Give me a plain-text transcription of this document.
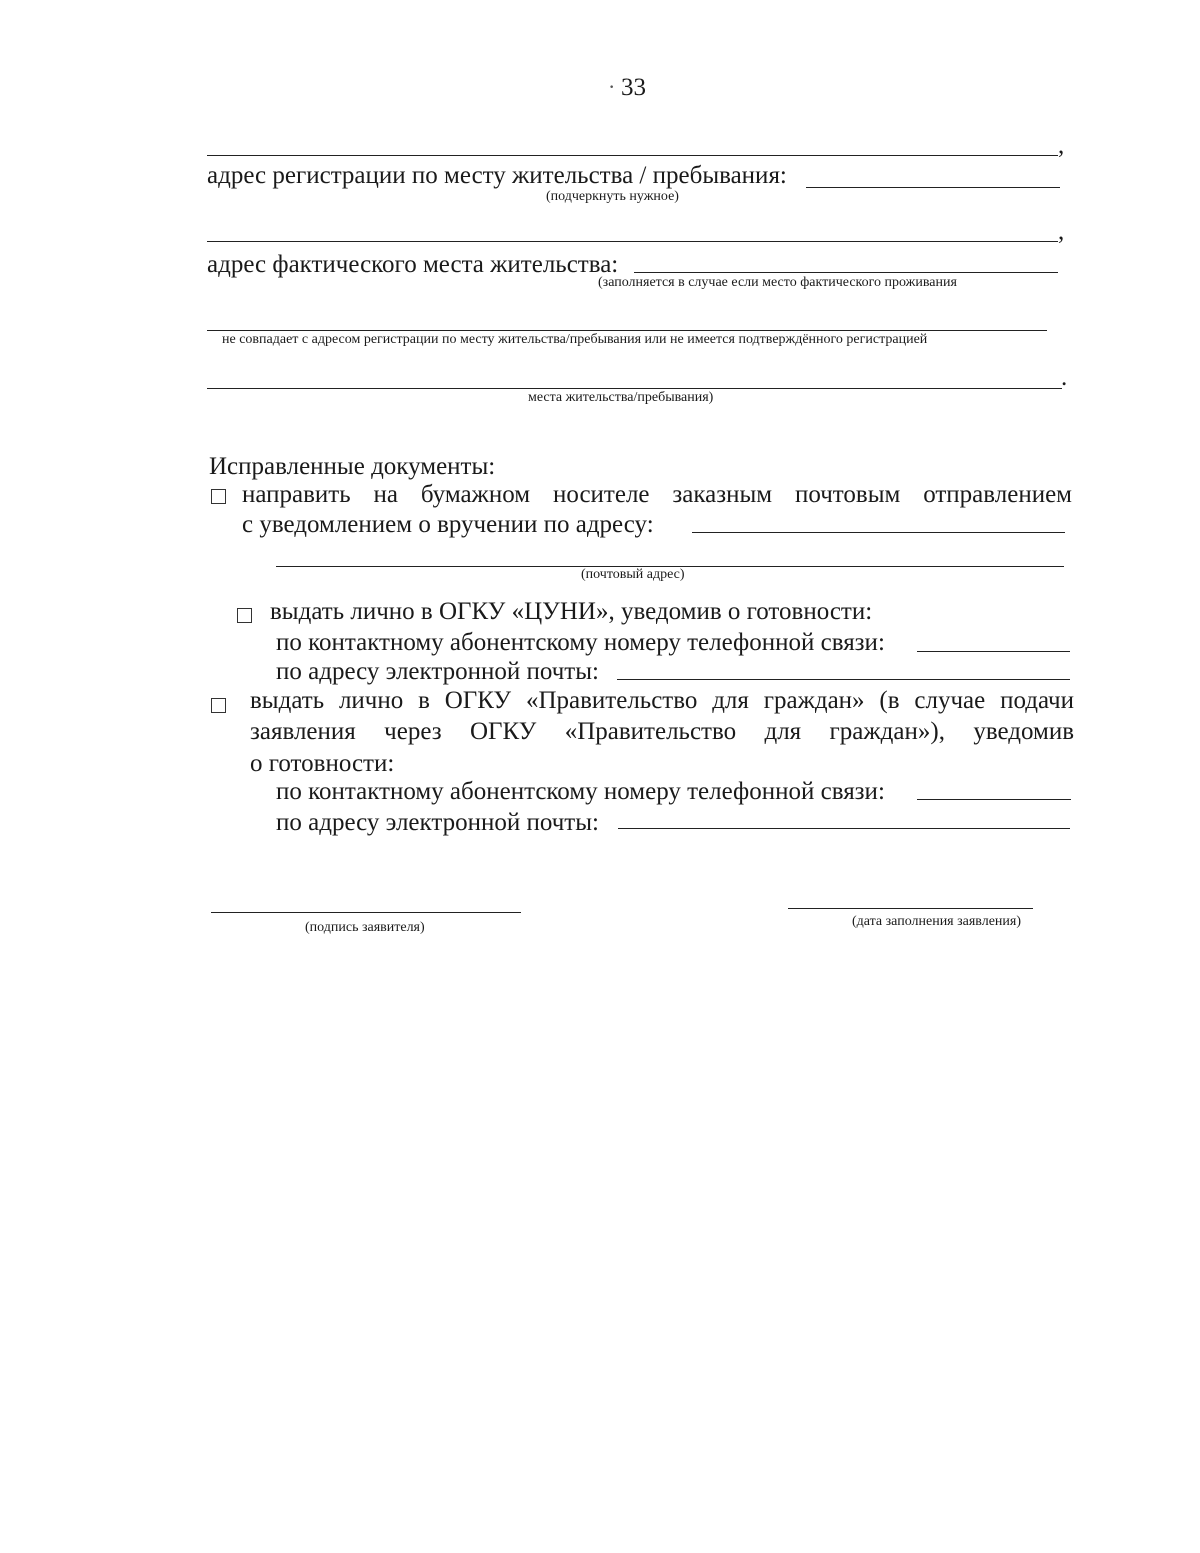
· 33
,
адрес регистрации по месту жительства / пребывания:
(подчеркнуть нужное)
,
адрес фактического места жительства:
(заполняется в случае если место фактического проживания
не совпадает с адресом регистрации по месту жительства/пребывания или не имеется подтверждённого регистрацией
.
места жительства/пребывания)
Исправленные документы:
направить на бумажном носителе заказным почтовым отправлением
с уведомлением о вручении по адресу:
(почтовый адрес)
выдать лично в ОГКУ «ЦУНИ», уведомив о готовности:
по контактному абонентскому номеру телефонной связи:
по адресу электронной почты:
выдать лично в ОГКУ «Правительство для граждан» (в случае подачи
заявления через ОГКУ «Правительство для граждан»), уведомив
о готовности:
по контактному абонентскому номеру телефонной связи:
по адресу электронной почты:
(подпись заявителя)	(дата заполнения заявления)
